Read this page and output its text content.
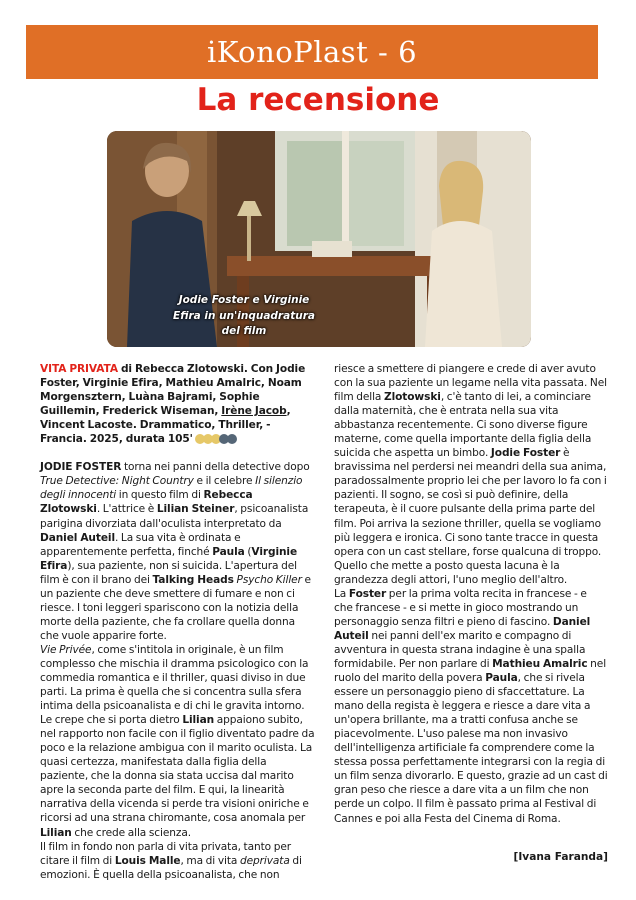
iKonoPlast - 6
La recensione
Jodie Foster e Virginie Efira in un'inquadratura del film

VITA PRIVATA di Rebecca Zlotowski. Con Jodie Foster, Virginie Efira, Mathieu Amalric, Noam Morgensztern, Luàna Bajrami, Sophie Guillemin, Frederick Wiseman, Irène Jacob, Vincent Lacoste. Drammatico, Thriller, - Francia. 2025, durata 105'

JODIE FOSTER torna nei panni della detective dopo True Detective: Night Country e il celebre Il silenzio degli innocenti in questo film di Rebecca Zlotowski. L'attrice è Lilian Steiner, psicoanalista parigina divorziata dall'oculista interpretato da Daniel Auteil. La sua vita è ordinata e apparentemente perfetta, finché Paula (Virginie Efira), sua paziente, non si suicida. L'apertura del film è con il brano dei Talking Heads Psycho Killer e un paziente che deve smettere di fumare e non ci riesce. I toni leggeri spariscono con la notizia della morte della paziente, che fa crollare quella donna che vuole apparire forte.

Vie Privée, come s'intitola in originale, è un film complesso che mischia il dramma psicologico con la commedia romantica e il thriller, quasi diviso in due parti. La prima è quella che si concentra sulla sfera intima della psicoanalista e di chi le gravita intorno. Le crepe che si porta dietro Lilian appaiono subito, nel rapporto non facile con il figlio diventato padre da poco e la relazione ambigua con il marito oculista. La quasi certezza, manifestata dalla figlia della paziente, che la donna sia stata uccisa dal marito apre la seconda parte del film. E qui, la linearità narrativa della vicenda si perde tra visioni oniriche e ricorsi ad una strana chiromante, cosa anomala per Lilian che crede alla scienza.

Il film in fondo non parla di vita privata, tanto per citare il film di Louis Malle, ma di vita deprivata di emozioni. È quella della psicoanalista, che non

riesce a smettere di piangere e crede di aver avuto con la sua paziente un legame nella vita passata. Nel film della Zlotowski, c'è tanto di lei, a cominciare dalla maternità, che è entrata nella sua vita abbastanza recentemente. Ci sono diverse figure materne, come quella importante della figlia della suicida che aspetta un bimbo. Jodie Foster è bravissima nel perdersi nei meandri della sua anima, paradossalmente proprio lei che per lavoro lo fa con i pazienti. Il sogno, se così si può definire, della terapeuta, è il cuore pulsante della prima parte del film. Poi arriva la sezione thriller, quella se vogliamo più leggera e ironica. Ci sono tante tracce in questa opera con un cast stellare, forse qualcuna di troppo. Quello che mette a posto questa lacuna è la grandezza degli attori, l'uno meglio dell'altro.

La Foster per la prima volta recita in francese - e che francese - e si mette in gioco mostrando un personaggio senza filtri e pieno di fascino. Daniel Auteil nei panni dell'ex marito e compagno di avventura in questa strana indagine è una spalla formidabile. Per non parlare di Mathieu Amalric nel ruolo del marito della povera Paula, che si rivela essere un personaggio pieno di sfaccettature. La mano della regista è leggera e riesce a dare vita a un'opera brillante, ma a tratti confusa anche se piacevolmente. L'uso palese ma non invasivo dell'intelligenza artificiale fa comprendere come la stessa possa perfettamente integrarsi con la regia di un film senza divorarlo. E questo, grazie ad un cast di gran peso che riesce a dare vita a un film che non perde un colpo. Il film è passato prima al Festival di Cannes e poi alla Festa del Cinema di Roma.

[Ivana Faranda]
